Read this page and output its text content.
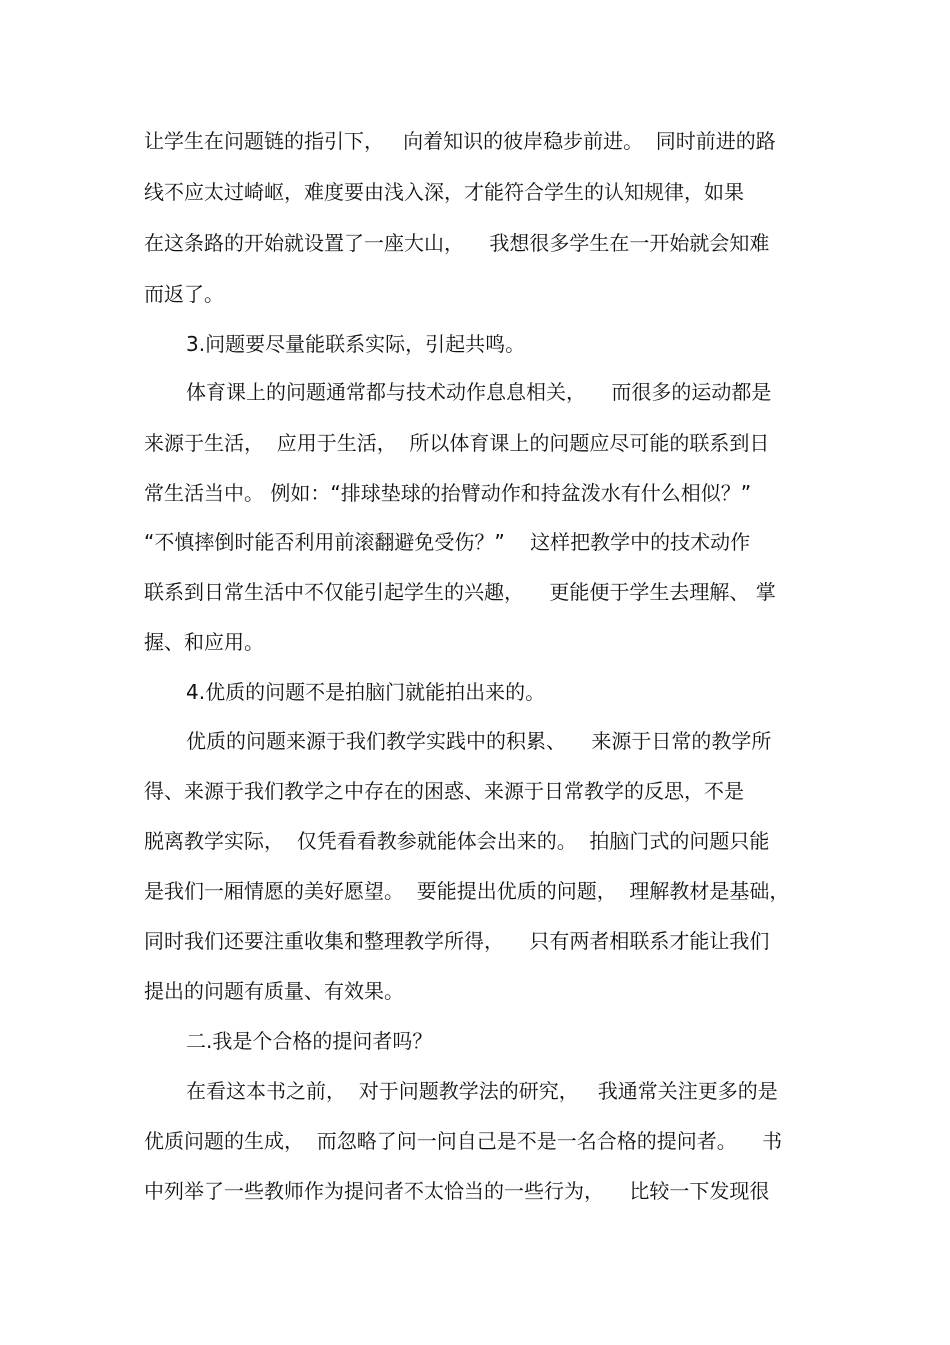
让学生在问题链的指引下，   向着知识的彼岸稳步前进。  同时前进的路
线不应太过崎岖，难度要由浅入深，才能符合学生的认知规律，如果
在这条路的开始就设置了一座大山，    我想很多学生在一开始就会知难
而返了。
3.问题要尽量能联系实际，引起共鸣。
体育课上的问题通常都与技术动作息息相关，    而很多的运动都是
来源于生活，  应用于生活，  所以体育课上的问题应尽可能的联系到日
常生活当中。 例如：“排球垫球的抬臂动作和持盆泼水有什么相似？”
“不慎摔倒时能否利用前滚翻避免受伤？”    这样把教学中的技术动作
联系到日常生活中不仅能引起学生的兴趣，    更能便于学生去理解、 掌
握、和应用。
4.优质的问题不是拍脑门就能拍出来的。
优质的问题来源于我们教学实践中的积累、    来源于日常的教学所
得、来源于我们教学之中存在的困惑、来源于日常教学的反思，不是
脱离教学实际，  仅凭看看教参就能体会出来的。  拍脑门式的问题只能
是我们一厢情愿的美好愿望。  要能提出优质的问题，  理解教材是基础，
同时我们还要注重收集和整理教学所得，    只有两者相联系才能让我们
提出的问题有质量、有效果。
二.我是个合格的提问者吗？
在看这本书之前，  对于问题教学法的研究，   我通常关注更多的是
优质问题的生成，  而忽略了问一问自己是不是一名合格的提问者。    书
中列举了一些教师作为提问者不太恰当的一些行为，    比较一下发现很
